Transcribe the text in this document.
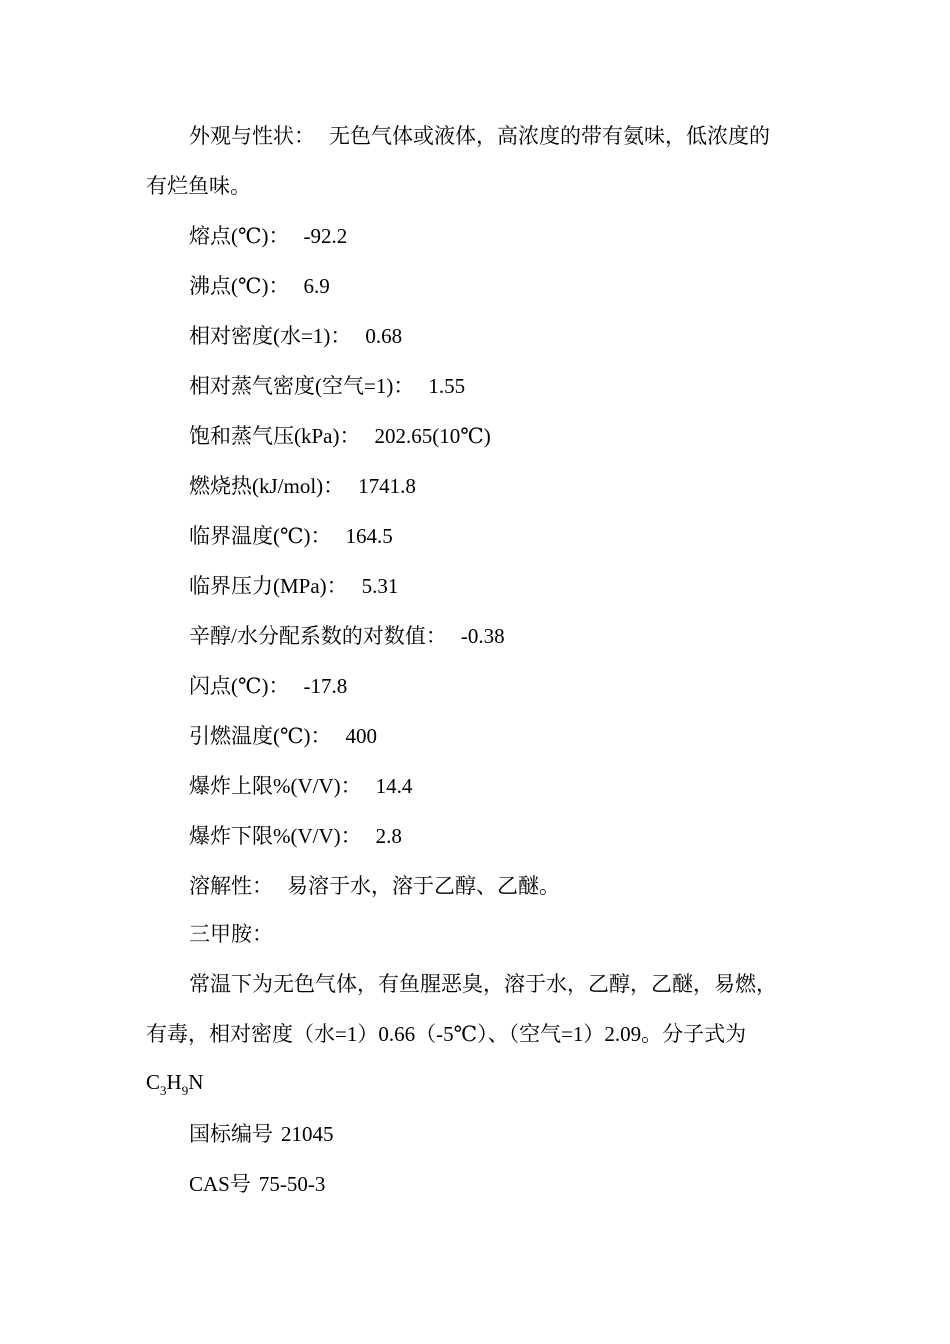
外观与性状： 无色气体或液体，高浓度的带有氨味，低浓度的
有烂鱼味。
熔点(℃)： -92.2
沸点(℃)： 6.9
相对密度(水=1)： 0.68
相对蒸气密度(空气=1)： 1.55
饱和蒸气压(kPa)： 202.65(10℃)
燃烧热(kJ/mol)： 1741.8
临界温度(℃)： 164.5
临界压力(MPa)： 5.31
辛醇/水分配系数的对数值： -0.38
闪点(℃)： -17.8
引燃温度(℃)： 400
爆炸上限%(V/V)： 14.4
爆炸下限%(V/V)： 2.8
溶解性： 易溶于水，溶于乙醇、乙醚。
三甲胺：
常温下为无色气体，有鱼腥恶臭，溶于水，乙醇，乙醚，易燃，
有毒，相对密度（水=1）0.66（-5℃）、（空气=1）2.09。分子式为
$C_3H_9N$
国标编号 21045
CAS号 75-50-3
